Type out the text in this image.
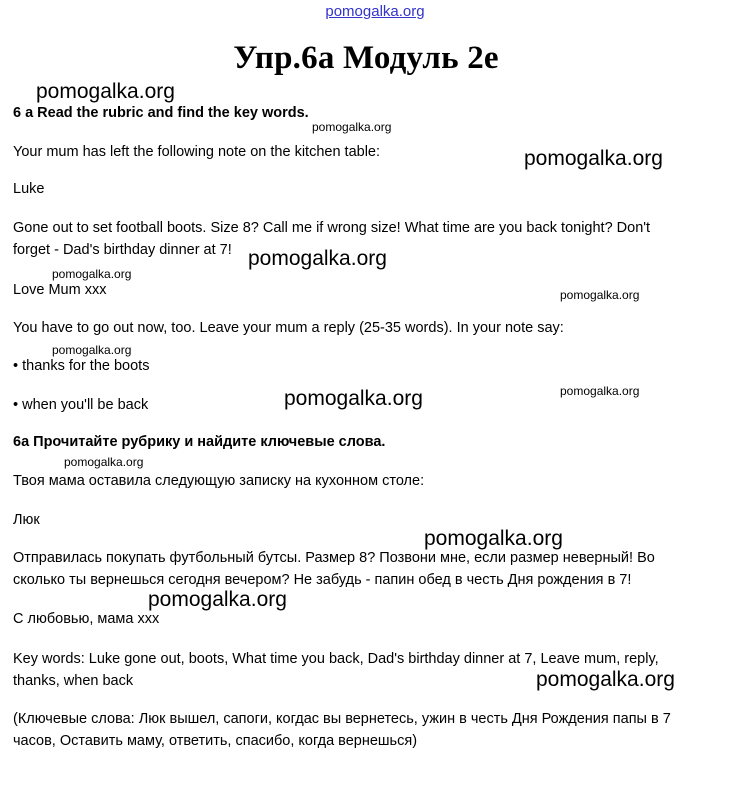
pomogalka.org
Упр.6а Модуль 2е
6 a Read the rubric and find the key words.
Your mum has left the following note on the kitchen table:
Luke
Gone out to set football boots. Size 8? Call me if wrong size! What time are you back tonight? Don't
forget - Dad's birthday dinner at 7!
Love Mum xxx
You have to go out now, too. Leave your mum a reply (25-35 words). In your note say:
• thanks for the boots
• when you'll be back
6а Прочитайте рубрику и найдите ключевые слова.
Твоя мама оставила следующую записку на кухонном столе:
Люк
Отправилась покупать футбольный бутсы. Размер 8? Позвони мне, если размер неверный! Во
сколько ты вернешься сегодня вечером? Не забудь - папин обед в честь Дня рождения в 7!
С любовью, мама ххх
Key words: Luke gone out, boots, What time you back, Dad's birthday dinner at 7, Leave mum, reply,
thanks, when back
(Ключевые слова: Люк вышел, сапоги, когдас вы вернетесь, ужин в честь Дня Рождения папы в 7
часов, Оставить маму, ответить, спасибо, когда вернешься)
pomogalka.org
pomogalka.org
pomogalka.org
pomogalka.org
pomogalka.org
pomogalka.org
pomogalka.org
pomogalka.org
pomogalka.org
pomogalka.org
pomogalka.org
pomogalka.org
pomogalka.org
